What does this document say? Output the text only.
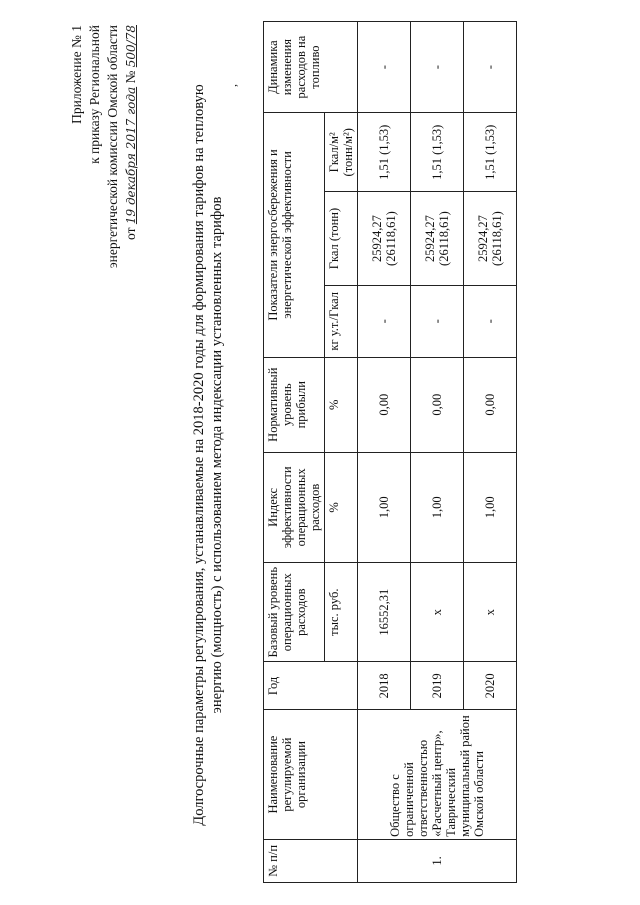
Приложение № 1 к приказу Региональной энергетической комиссии Омской области от 19 декабря 2017 года № 500/78
Долгосрочные параметры регулирования, устанавливаемые на 2018-2020 годы для формирования тарифов на тепловую энергию (мощность) с использованием метода индексации установленных тарифов
,
№ п/п	Наименование регулируемой организации	Год	Базовый уровень операционных расходов	Индекс эффективности операционных расходов	Нормативный уровень прибыли	Показатели энергосбережения и энергетической эффективности			Динамика изменения расходов на топливо
			тыс. руб.	%	%	кг у.т./Гкал	Гкал (тонн)	Гкал/м² (тонн/м²)	
1.	Общество с ограниченной ответственностью «Расчетный центр», Таврический муниципальный район Омской области	2018	16552,31	1,00	0,00	-	25924,27 (26118,61)	1,51 (1,53)	-
		2019	х	1,00	0,00	-	25924,27 (26118,61)	1,51 (1,53)	-
		2020	х	1,00	0,00	-	25924,27 (26118,61)	1,51 (1,53)	-
